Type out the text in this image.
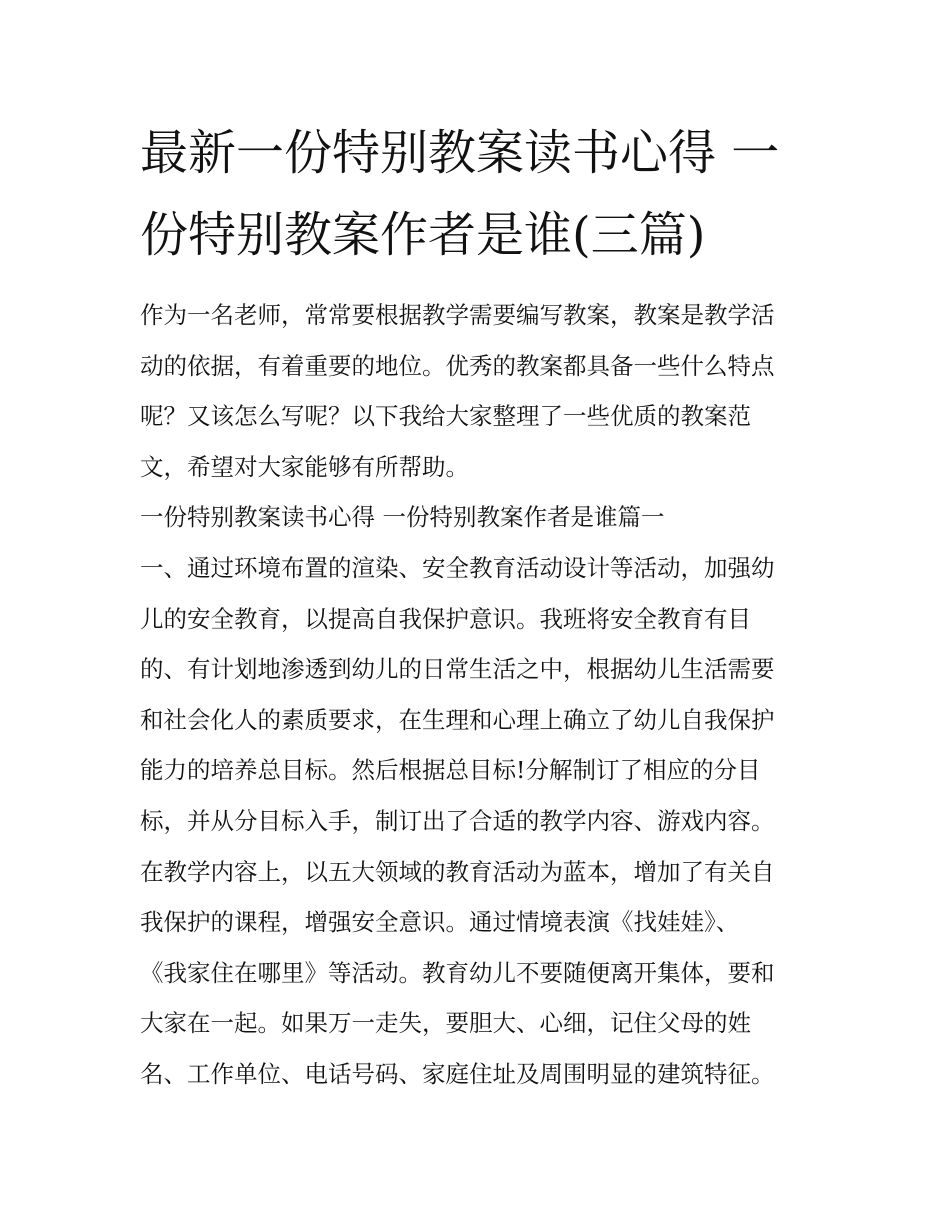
最新一份特别教案读书心得 一

份特别教案作者是谁(三篇)

作为一名老师，常常要根据教学需要编写教案，教案是教学活

动的依据，有着重要的地位。优秀的教案都具备一些什么特点

呢？又该怎么写呢？以下我给大家整理了一些优质的教案范

文，希望对大家能够有所帮助。

一份特别教案读书心得 一份特别教案作者是谁篇一

一、通过环境布置的渲染、安全教育活动设计等活动，加强幼

儿的安全教育，以提高自我保护意识。我班将安全教育有目

的、有计划地渗透到幼儿的日常生活之中，根据幼儿生活需要

和社会化人的素质要求，在生理和心理上确立了幼儿自我保护

能力的培养总目标。然后根据总目标!分解制订了相应的分目

标，并从分目标入手，制订出了合适的教学内容、游戏内容。

在教学内容上，以五大领域的教育活动为蓝本，增加了有关自

我保护的课程，增强安全意识。通过情境表演《找娃娃》、

《我家住在哪里》等活动。教育幼儿不要随便离开集体，要和

大家在一起。如果万一走失，要胆大、心细，记住父母的姓

名、工作单位、电话号码、家庭住址及周围明显的建筑特征。
